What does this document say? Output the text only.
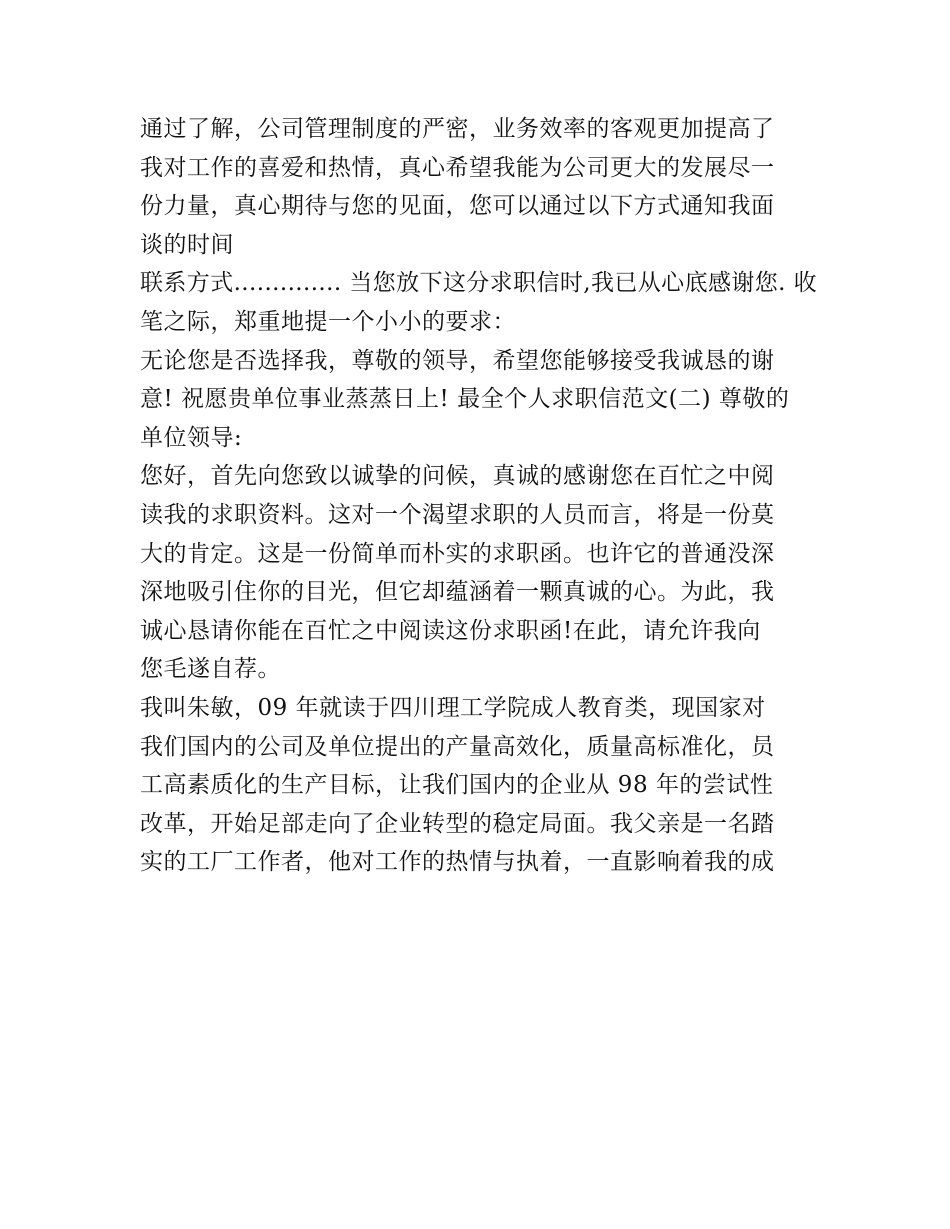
通过了解，公司管理制度的严密，业务效率的客观更加提高了
我对工作的喜爱和热情，真心希望我能为公司更大的发展尽一
份力量，真心期待与您的见面，您可以通过以下方式通知我面
谈的时间
联系方式.............. 当您放下这分求职信时,我已从心底感谢您. 收
笔之际，郑重地提一个小小的要求：
无论您是否选择我，尊敬的领导，希望您能够接受我诚恳的谢
意! 祝愿贵单位事业蒸蒸日上! 最全个人求职信范文(二) 尊敬的
单位领导:
您好，首先向您致以诚挚的问候，真诚的感谢您在百忙之中阅
读我的求职资料。这对一个渴望求职的人员而言，将是一份莫
大的肯定。这是一份简单而朴实的求职函。也许它的普通没深
深地吸引住你的目光，但它却蕴涵着一颗真诚的心。为此，我
诚心恳请你能在百忙之中阅读这份求职函!在此，请允许我向
您毛遂自荐。
我叫朱敏，09 年就读于四川理工学院成人教育类，现国家对
我们国内的公司及单位提出的产量高效化，质量高标准化，员
工高素质化的生产目标，让我们国内的企业从 98 年的尝试性
改革，开始足部走向了企业转型的稳定局面。我父亲是一名踏
实的工厂工作者，他对工作的热情与执着，一直影响着我的成
